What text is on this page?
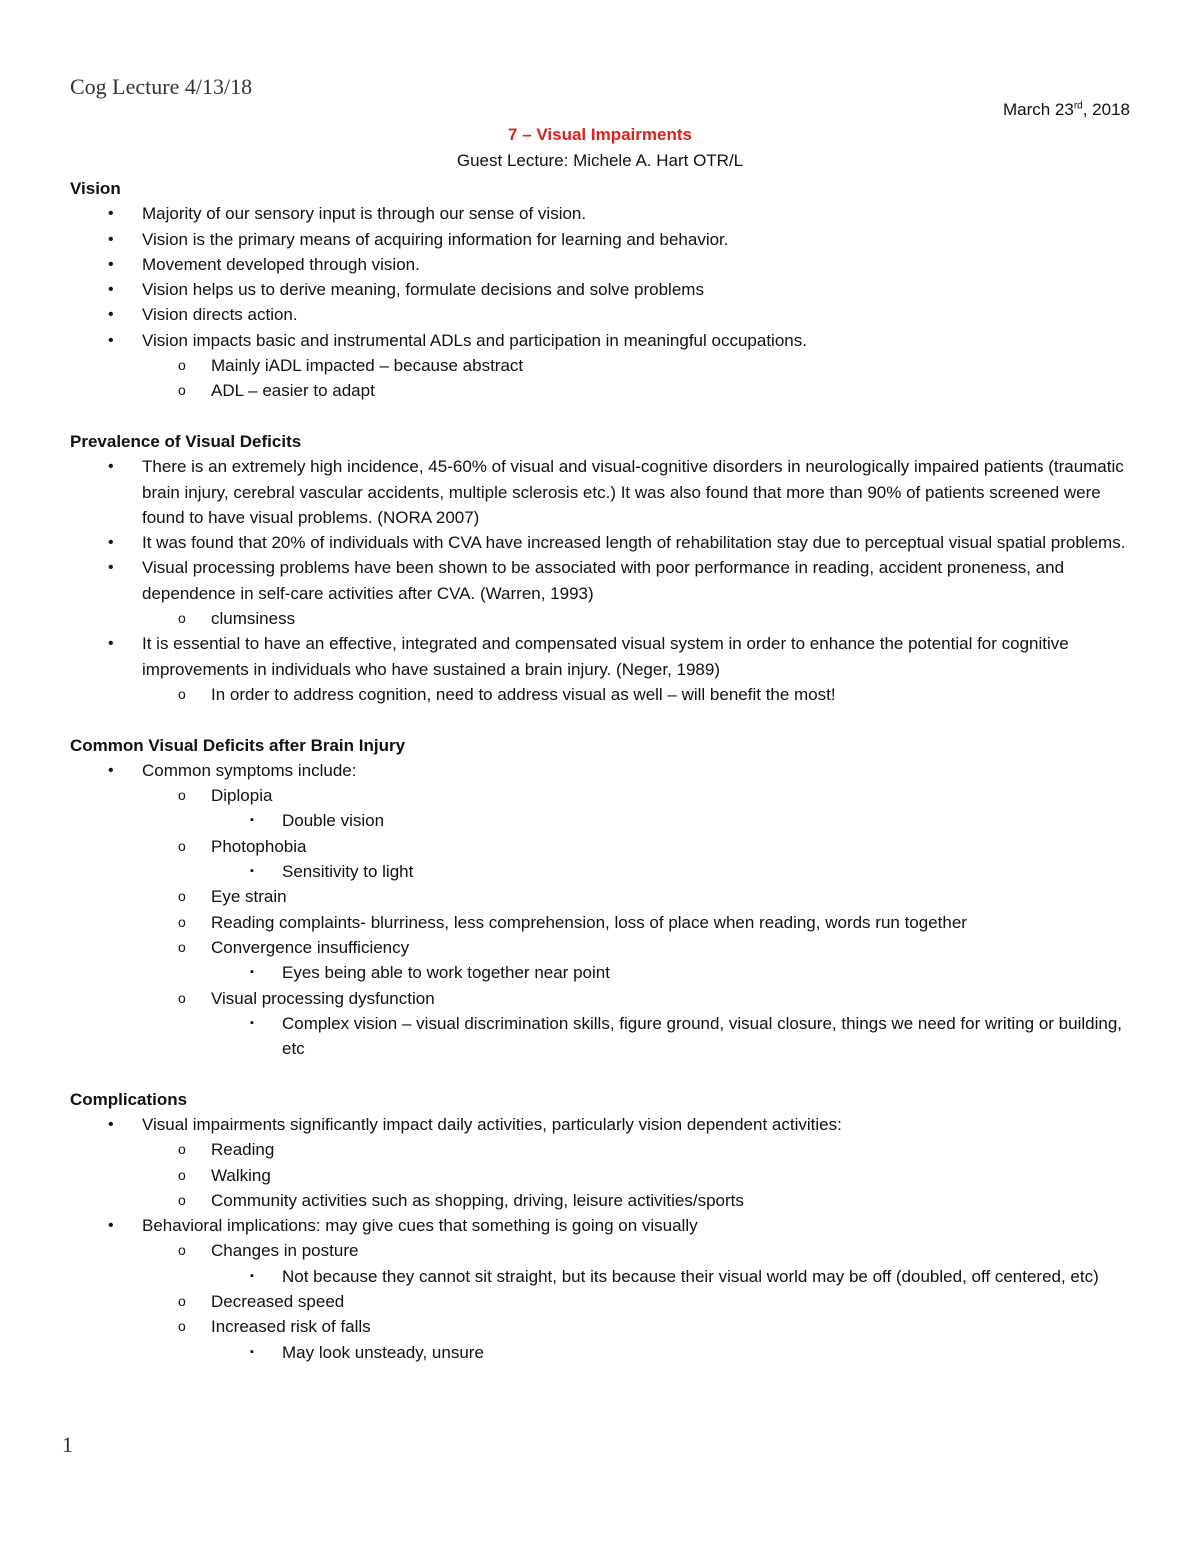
Cog Lecture 4/13/18
March 23rd, 2018
7 – Visual Impairments
Guest Lecture: Michele A. Hart OTR/L
Vision
• Majority of our sensory input is through our sense of vision.
• Vision is the primary means of acquiring information for learning and behavior.
• Movement developed through vision.
• Vision helps us to derive meaning, formulate decisions and solve problems
• Vision directs action.
• Vision impacts basic and instrumental ADLs and participation in meaningful occupations.
o Mainly iADL impacted – because abstract
o ADL – easier to adapt
Prevalence of Visual Deficits
• There is an extremely high incidence, 45-60% of visual and visual-cognitive disorders in neurologically impaired patients (traumatic brain injury, cerebral vascular accidents, multiple sclerosis etc.) It was also found that more than 90% of patients screened were found to have visual problems. (NORA 2007)
• It was found that 20% of individuals with CVA have increased length of rehabilitation stay due to perceptual visual spatial problems.
• Visual processing problems have been shown to be associated with poor performance in reading, accident proneness, and dependence in self-care activities after CVA. (Warren, 1993)
o clumsiness
• It is essential to have an effective, integrated and compensated visual system in order to enhance the potential for cognitive improvements in individuals who have sustained a brain injury. (Neger, 1989)
o In order to address cognition, need to address visual as well – will benefit the most!
Common Visual Deficits after Brain Injury
• Common symptoms include:
o Diplopia
▪ Double vision
o Photophobia
▪ Sensitivity to light
o Eye strain
o Reading complaints- blurriness, less comprehension, loss of place when reading, words run together
o Convergence insufficiency
▪ Eyes being able to work together near point
o Visual processing dysfunction
▪ Complex vision – visual discrimination skills, figure ground, visual closure, things we need for writing or building, etc
Complications
• Visual impairments significantly impact daily activities, particularly vision dependent activities:
o Reading
o Walking
o Community activities such as shopping, driving, leisure activities/sports
• Behavioral implications: may give cues that something is going on visually
o Changes in posture
▪ Not because they cannot sit straight, but its because their visual world may be off (doubled, off centered, etc)
o Decreased speed
o Increased risk of falls
▪ May look unsteady, unsure
1
